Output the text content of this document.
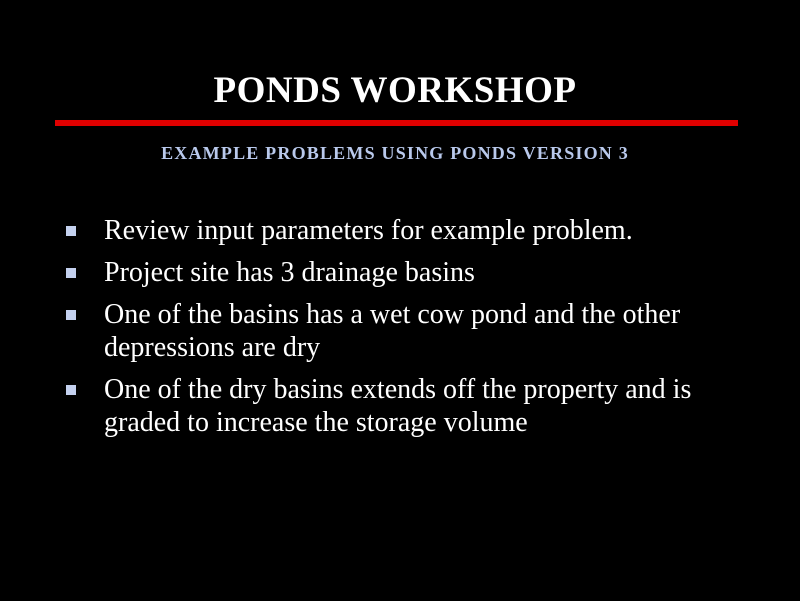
PONDS WORKSHOP
EXAMPLE PROBLEMS USING PONDS VERSION 3
Review input parameters for example problem.
Project site has 3 drainage basins
One of the basins has a wet cow pond and the other depressions are dry
One of the dry basins extends off the property and is graded to increase the storage volume
